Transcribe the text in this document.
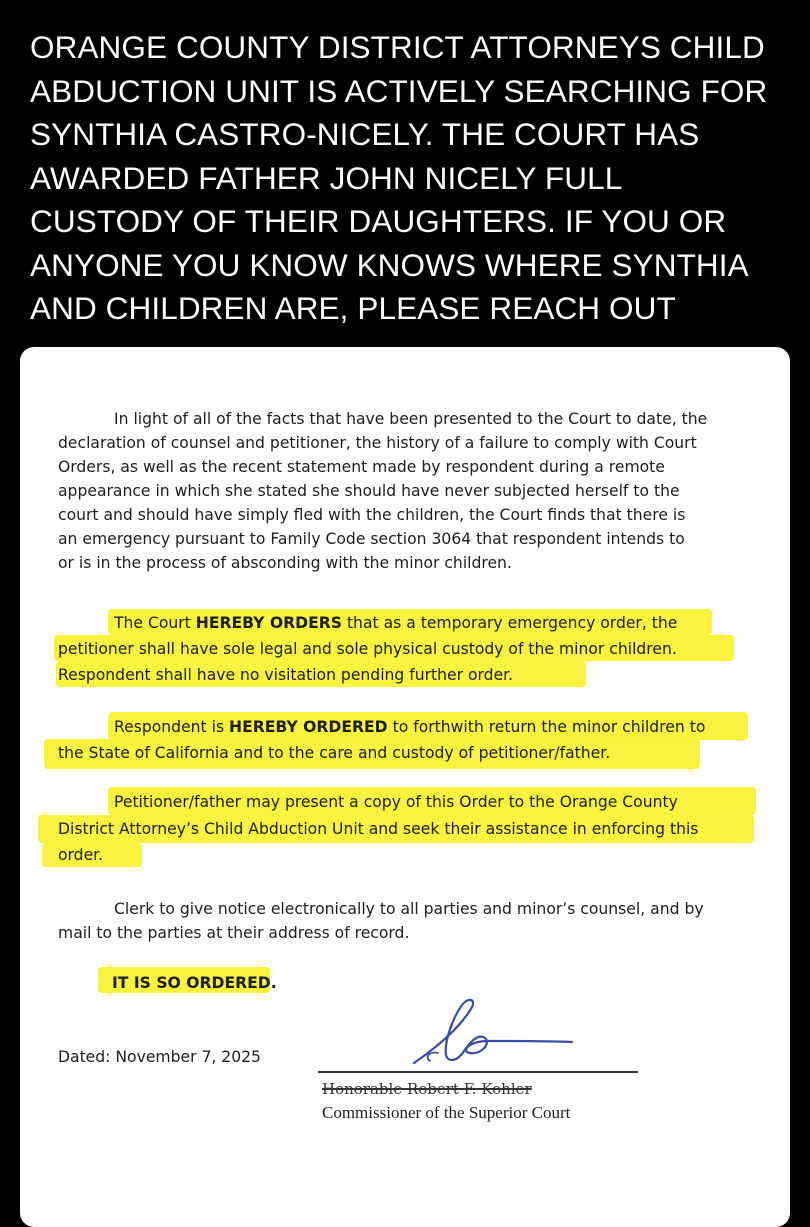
ORANGE COUNTY DISTRICT ATTORNEYS CHILD
ABDUCTION UNIT IS ACTIVELY SEARCHING FOR
SYNTHIA CASTRO-NICELY. THE COURT HAS
AWARDED FATHER JOHN NICELY FULL
CUSTODY OF THEIR DAUGHTERS. IF YOU OR
ANYONE YOU KNOW KNOWS WHERE SYNTHIA
AND CHILDREN ARE, PLEASE REACH OUT
In light of all of the facts that have been presented to the Court to date, the
declaration of counsel and petitioner, the history of a failure to comply with Court
Orders, as well as the recent statement made by respondent during a remote
appearance in which she stated she should have never subjected herself to the
court and should have simply fled with the children, the Court finds that there is
an emergency pursuant to Family Code section 3064 that respondent intends to
or is in the process of absconding with the minor children.
The Court HEREBY ORDERS that as a temporary emergency order, the
petitioner shall have sole legal and sole physical custody of the minor children.
Respondent shall have no visitation pending further order.
Respondent is HEREBY ORDERED to forthwith return the minor children to
the State of California and to the care and custody of petitioner/father.
Petitioner/father may present a copy of this Order to the Orange County
District Attorney’s Child Abduction Unit and seek their assistance in enforcing this
order.
Clerk to give notice electronically to all parties and minor’s counsel, and by
mail to the parties at their address of record.
IT IS SO ORDERED.
Dated: November 7, 2025
Honorable Robert F. Kohler
Commissioner of the Superior Court
